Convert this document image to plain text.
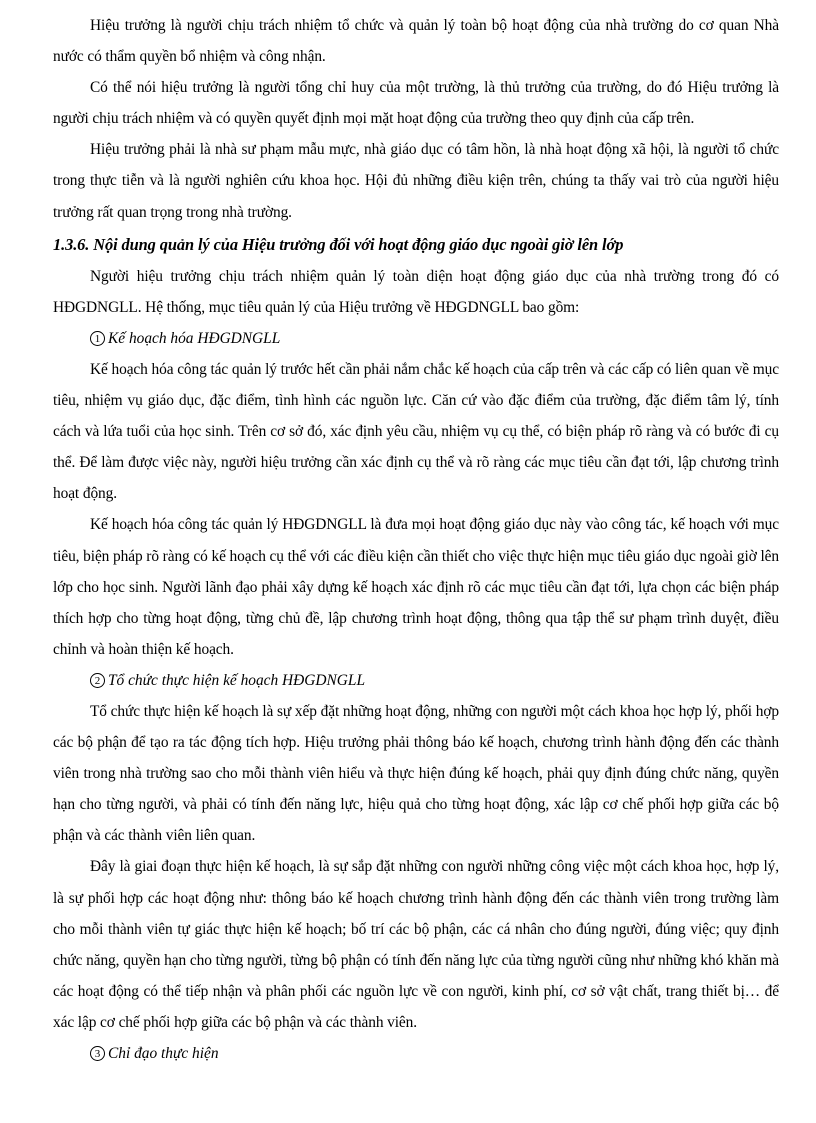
Hiệu trưởng là người chịu trách nhiệm tổ chức và quản lý toàn bộ hoạt động của nhà trường do cơ quan Nhà nước có thẩm quyền bổ nhiệm và công nhận.

Có thể nói hiệu trưởng là người tổng chỉ huy của một trường, là thủ trưởng của trường, do đó Hiệu trưởng là người chịu trách nhiệm và có quyền quyết định mọi mặt hoạt động của trường theo quy định của cấp trên.

Hiệu trưởng phải là nhà sư phạm mẫu mực, nhà giáo dục có tâm hồn, là nhà hoạt động xã hội, là người tổ chức trong thực tiễn và là người nghiên cứu khoa học. Hội đủ những điều kiện trên, chúng ta thấy vai trò của người hiệu trưởng rất quan trọng trong nhà trường.

1.3.6. Nội dung quản lý của Hiệu trưởng đối với hoạt động giáo dục ngoài giờ lên lớp

Người hiệu trưởng chịu trách nhiệm quản lý toàn diện hoạt động giáo dục của nhà trường trong đó có HĐGDNGLL. Hệ thống, mục tiêu quản lý của Hiệu trưởng về HĐGDNGLL bao gồm:

1 Kế hoạch hóa HĐGDNGLL

Kế hoạch hóa công tác quản lý trước hết cần phải nắm chắc kế hoạch của cấp trên và các cấp có liên quan về mục tiêu, nhiệm vụ giáo dục, đặc điểm, tình hình các nguồn lực. Căn cứ vào đặc điểm của trường, đặc điểm tâm lý, tính cách và lứa tuổi của học sinh. Trên cơ sở đó, xác định yêu cầu, nhiệm vụ cụ thể, có biện pháp rõ ràng và có bước đi cụ thể. Để làm được việc này, người hiệu trưởng cần xác định cụ thể và rõ ràng các mục tiêu cần đạt tới, lập chương trình hoạt động.

Kế hoạch hóa công tác quản lý HĐGDNGLL là đưa mọi hoạt động giáo dục này vào công tác, kế hoạch với mục tiêu, biện pháp rõ ràng có kế hoạch cụ thể với các điều kiện cần thiết cho việc thực hiện mục tiêu giáo dục ngoài giờ lên lớp cho học sinh. Người lãnh đạo phải xây dựng kế hoạch xác định rõ các mục tiêu cần đạt tới, lựa chọn các biện pháp thích hợp cho từng hoạt động, từng chủ đề, lập chương trình hoạt động, thông qua tập thể sư phạm trình duyệt, điều chỉnh và hoàn thiện kế hoạch.

2 Tổ chức thực hiện kế hoạch HĐGDNGLL

Tổ chức thực hiện kế hoạch là sự xếp đặt những hoạt động, những con người một cách khoa học hợp lý, phối hợp các bộ phận để tạo ra tác động tích hợp. Hiệu trưởng phải thông báo kế hoạch, chương trình hành động đến các thành viên trong nhà trường sao cho mỗi thành viên hiểu và thực hiện đúng kế hoạch, phải quy định đúng chức năng, quyền hạn cho từng người, và phải có tính đến năng lực, hiệu quả cho từng hoạt động, xác lập cơ chế phối hợp giữa các bộ phận và các thành viên liên quan.

Đây là giai đoạn thực hiện kế hoạch, là sự sắp đặt những con người những công việc một cách khoa học, hợp lý, là sự phối hợp các hoạt động như: thông báo kế hoạch chương trình hành động đến các thành viên trong trường làm cho mỗi thành viên tự giác thực hiện kế hoạch; bố trí các bộ phận, các cá nhân cho đúng người, đúng việc; quy định chức năng, quyền hạn cho từng người, từng bộ phận có tính đến năng lực của từng người cũng như những khó khăn mà các hoạt động có thể tiếp nhận và phân phối các nguồn lực về con người, kinh phí, cơ sở vật chất, trang thiết bị… để xác lập cơ chế phối hợp giữa các bộ phận và các thành viên.

3 Chỉ đạo thực hiện
